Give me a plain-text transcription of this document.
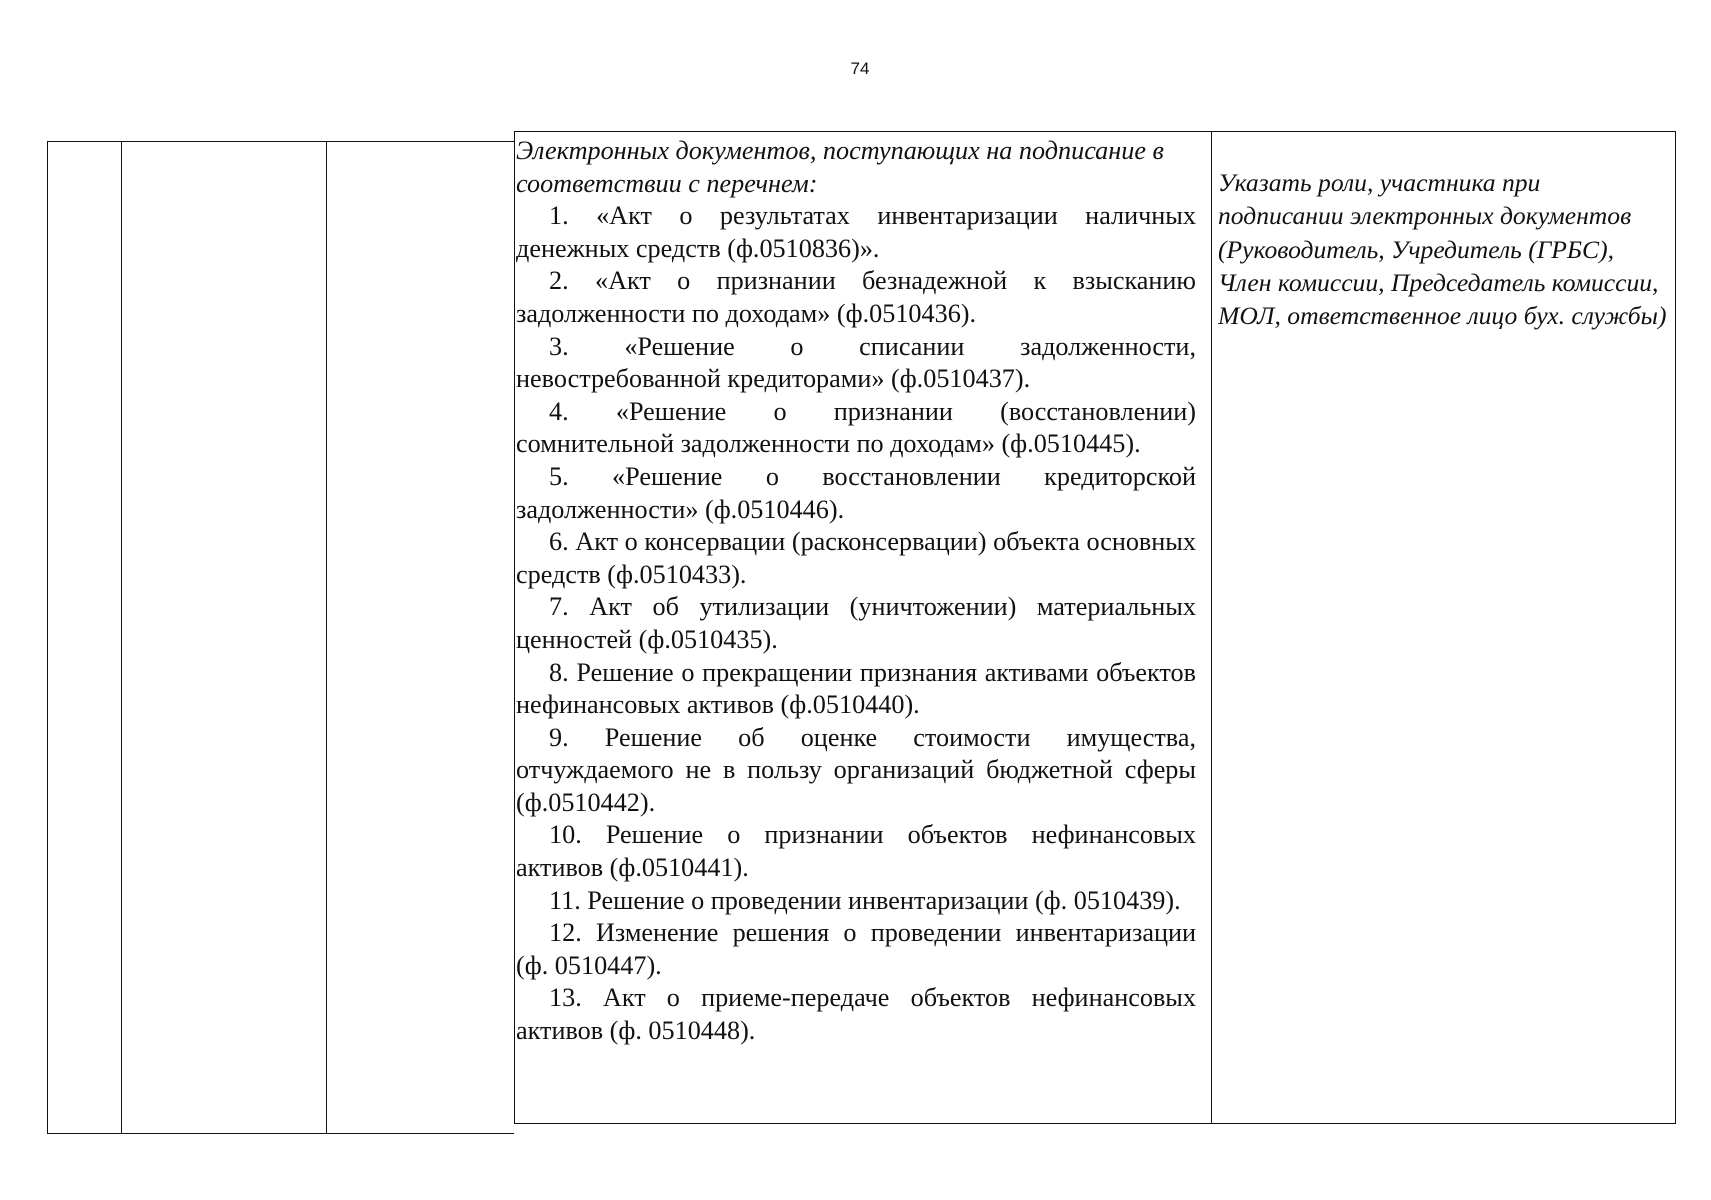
74
Электронных документов, поступающих на подписание в соответствии с перечнем:
1. «Акт о результатах инвентаризации наличных денежных средств (ф.0510836)».
2. «Акт о признании безнадежной к взысканию задолженности по доходам» (ф.0510436).
3. «Решение о списании задолженности, невостребованной кредиторами» (ф.0510437).
4. «Решение о признании (восстановлении) сомнительной задолженности по доходам» (ф.0510445).
5. «Решение о восстановлении кредиторской задолженности» (ф.0510446).
6. Акт о консервации (расконсервации) объекта основных средств (ф.0510433).
7. Акт об утилизации (уничтожении) материальных ценностей (ф.0510435).
8. Решение о прекращении признания активами объектов нефинансовых активов (ф.0510440).
9. Решение об оценке стоимости имущества, отчуждаемого не в пользу организаций бюджетной сферы (ф.0510442).
10. Решение о признании объектов нефинансовых активов (ф.0510441).
11. Решение о проведении инвентаризации (ф. 0510439).
12. Изменение решения о проведении инвентаризации (ф. 0510447).
13. Акт о приеме-передаче объектов нефинансовых активов (ф. 0510448).
Указать роли, участника при подписании электронных документов (Руководитель, Учредитель (ГРБС), Член комиссии, Председатель комиссии, МОЛ, ответственное лицо бух. службы)
